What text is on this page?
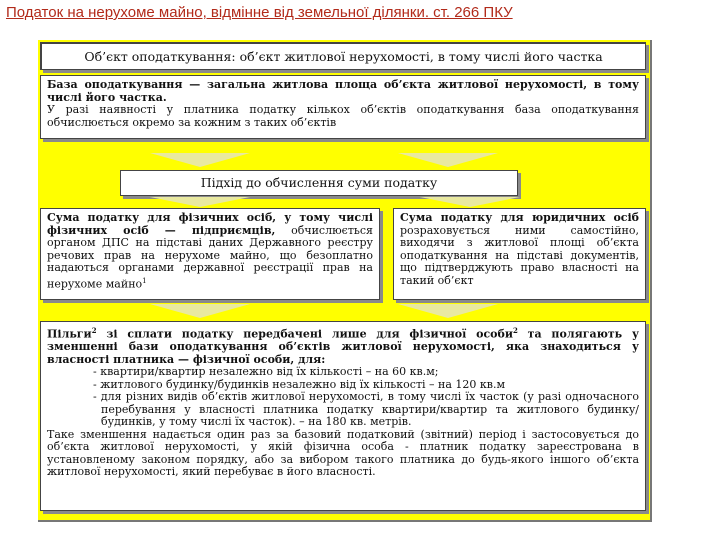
Податок на нерухоме майно, відмінне від земельної ділянки. ст. 266 ПКУ
Об’єкт оподаткування: об’єкт житлової нерухомості, в тому числі його частка
База оподаткування — загальна житлова площа об’єкта житлової нерухомості, в тому числі його частка.
У разі наявності у платника податку кількох об’єктів оподаткування база оподаткування обчислюється окремо за кожним з таких об’єктів
Підхід до обчислення суми податку
Сума податку для фізичних осіб, у тому числі фізичних осіб — підприємців, обчислюється органом ДПС на підставі даних Державного реєстру речових прав на нерухоме майно, що безоплатно надаються органами державної реєстрації прав на нерухоме майно$^1$
Сума податку для юридичних осіб розраховується ними самостійно, виходячи з житлової площі об’єкта оподаткування на підставі документів, що підтверджують право власності на такий об’єкт
Пільги$^2$ зі сплати податку передбачені лише для фізичної особи$^2$ та полягають у зменшенні бази оподаткування об’єктів житлової нерухомості, яка знаходиться у власності платника — фізичної особи, для:
- квартири/квартир незалежно від їх кількості – на 60 кв.м;
- житлового будинку/будинків незалежно від їх кількості – на 120 кв.м
- для різних видів об’єктів житлової нерухомості, в тому числі їх часток (у разі одночасного перебування у власності платника податку квартири/квартир та житлового будинку/будинків, у тому числі їх часток). – на 180 кв. метрів.
Таке зменшення надається один раз за базовий податковий (звітний) період і застосовується до об’єкта житлової нерухомості, у якій фізична особа - платник податку зареєстрована в установленому законом порядку, або за вибором такого платника до будь-якого іншого об’єкта житлової нерухомості, який перебуває в його власності.
